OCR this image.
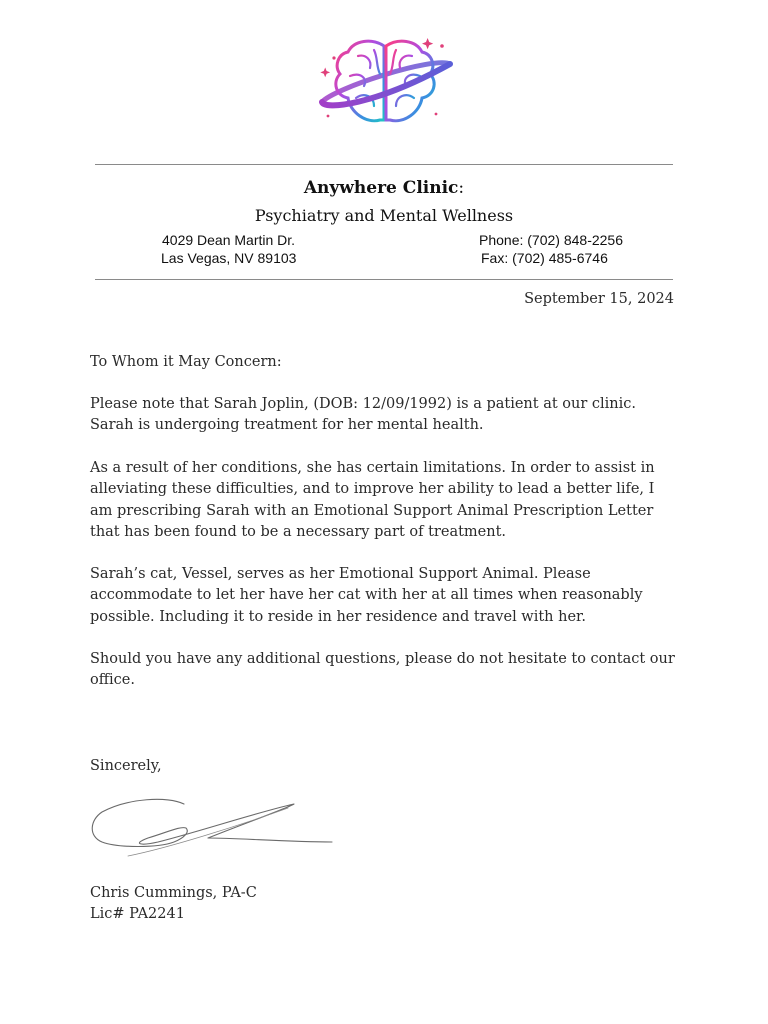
Anywhere Clinic:
Psychiatry and Mental Wellness
4029 Dean Martin Dr.
Las Vegas, NV 89103
Phone: (702) 848-2256
Fax: (702) 485-6746
September 15, 2024

To Whom it May Concern:

Please note that Sarah Joplin, (DOB: 12/09/1992) is a patient at our clinic. Sarah is undergoing treatment for her mental health.

As a result of her conditions, she has certain limitations. In order to assist in alleviating these difficulties, and to improve her ability to lead a better life, I am prescribing Sarah with an Emotional Support Animal Prescription Letter that has been found to be a necessary part of treatment.

Sarah’s cat, Vessel, serves as her Emotional Support Animal. Please accommodate to let her have her cat with her at all times when reasonably possible. Including it to reside in her residence and travel with her.

Should you have any additional questions, please do not hesitate to contact our office.

Sincerely,

Chris Cummings, PA-C

Lic# PA2241
